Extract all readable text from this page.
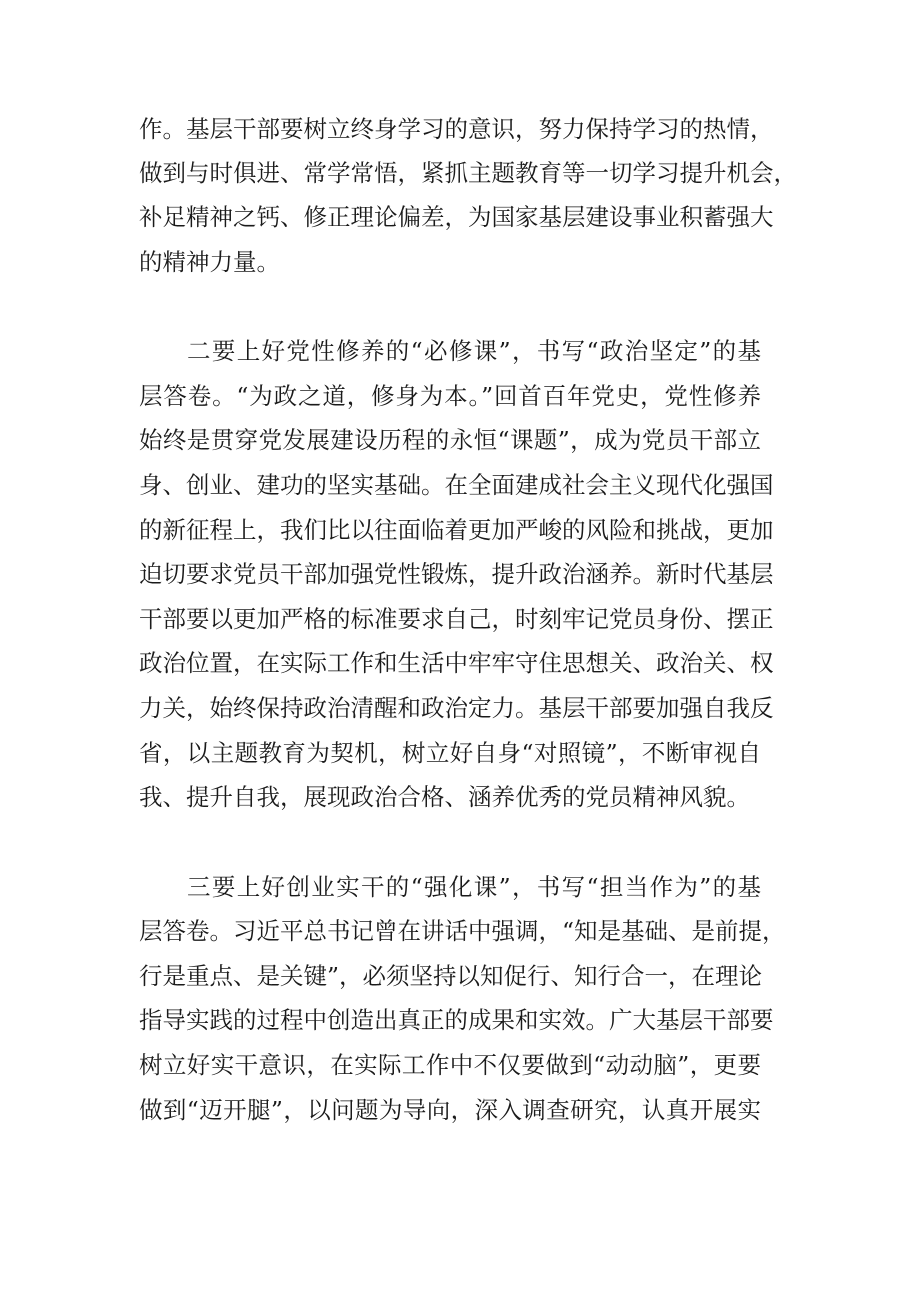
作。基层干部要树立终身学习的意识，努力保持学习的热情，
做到与时俱进、常学常悟，紧抓主题教育等一切学习提升机会，
补足精神之钙、修正理论偏差，为国家基层建设事业积蓄强大
的精神力量。
二要上好党性修养的“必修课”，书写“政治坚定”的基
层答卷。“为政之道，修身为本。”回首百年党史，党性修养
始终是贯穿党发展建设历程的永恒“课题”，成为党员干部立
身、创业、建功的坚实基础。在全面建成社会主义现代化强国
的新征程上，我们比以往面临着更加严峻的风险和挑战，更加
迫切要求党员干部加强党性锻炼，提升政治涵养。新时代基层
干部要以更加严格的标准要求自己，时刻牢记党员身份、摆正
政治位置，在实际工作和生活中牢牢守住思想关、政治关、权
力关，始终保持政治清醒和政治定力。基层干部要加强自我反
省，以主题教育为契机，树立好自身“对照镜”，不断审视自
我、提升自我，展现政治合格、涵养优秀的党员精神风貌。
三要上好创业实干的“强化课”，书写“担当作为”的基
层答卷。习近平总书记曾在讲话中强调，“知是基础、是前提，
行是重点、是关键”，必须坚持以知促行、知行合一，在理论
指导实践的过程中创造出真正的成果和实效。广大基层干部要
树立好实干意识，在实际工作中不仅要做到“动动脑”，更要
做到“迈开腿”，以问题为导向，深入调查研究，认真开展实
